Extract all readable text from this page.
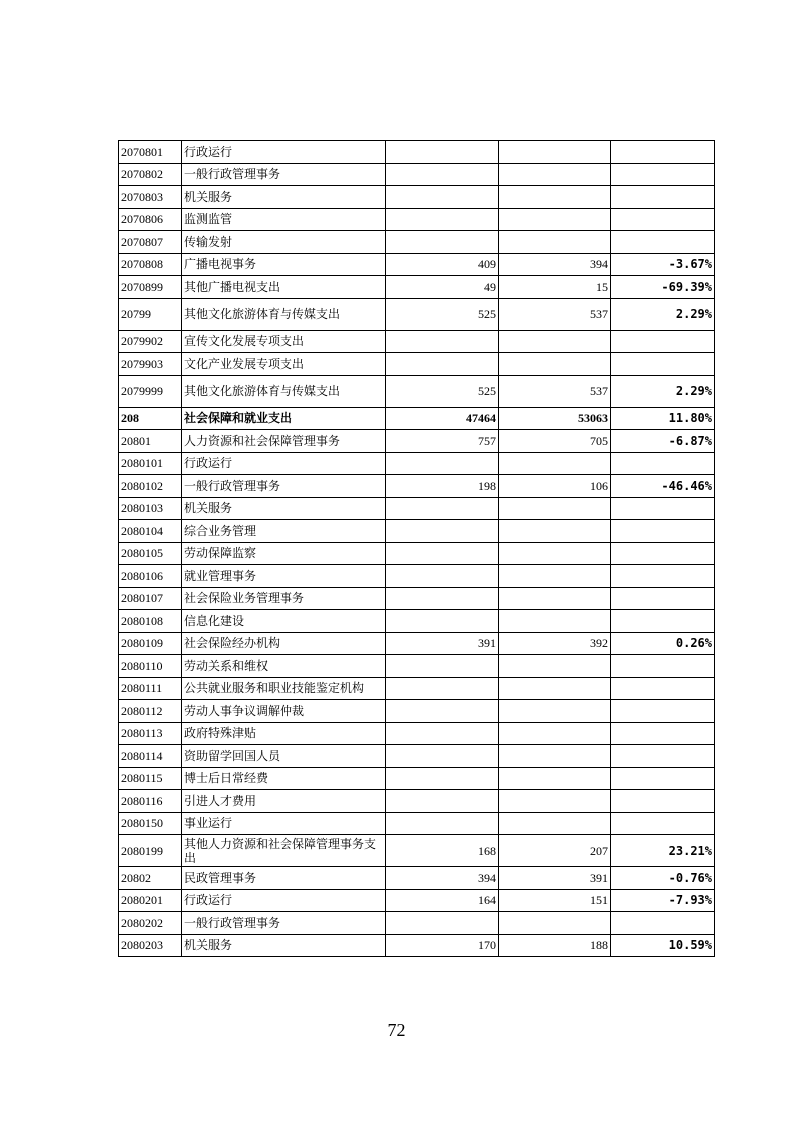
2070801	行政运行			
2070802	一般行政管理事务			
2070803	机关服务			
2070806	监测监管			
2070807	传输发射			
2070808	广播电视事务	409	394	-3.67%
2070899	其他广播电视支出	49	15	-69.39%
20799	其他文化旅游体育与传媒支出	525	537	2.29%
2079902	宣传文化发展专项支出			
2079903	文化产业发展专项支出			
2079999	其他文化旅游体育与传媒支出	525	537	2.29%
208	社会保障和就业支出	47464	53063	11.80%
20801	人力资源和社会保障管理事务	757	705	-6.87%
2080101	行政运行			
2080102	一般行政管理事务	198	106	-46.46%
2080103	机关服务			
2080104	综合业务管理			
2080105	劳动保障监察			
2080106	就业管理事务			
2080107	社会保险业务管理事务			
2080108	信息化建设			
2080109	社会保险经办机构	391	392	0.26%
2080110	劳动关系和维权			
2080111	公共就业服务和职业技能鉴定机构			
2080112	劳动人事争议调解仲裁			
2080113	政府特殊津贴			
2080114	资助留学回国人员			
2080115	博士后日常经费			
2080116	引进人才费用			
2080150	事业运行			
2080199	其他人力资源和社会保障管理事务支出	168	207	23.21%
20802	民政管理事务	394	391	-0.76%
2080201	行政运行	164	151	-7.93%
2080202	一般行政管理事务			
2080203	机关服务	170	188	10.59%
72
